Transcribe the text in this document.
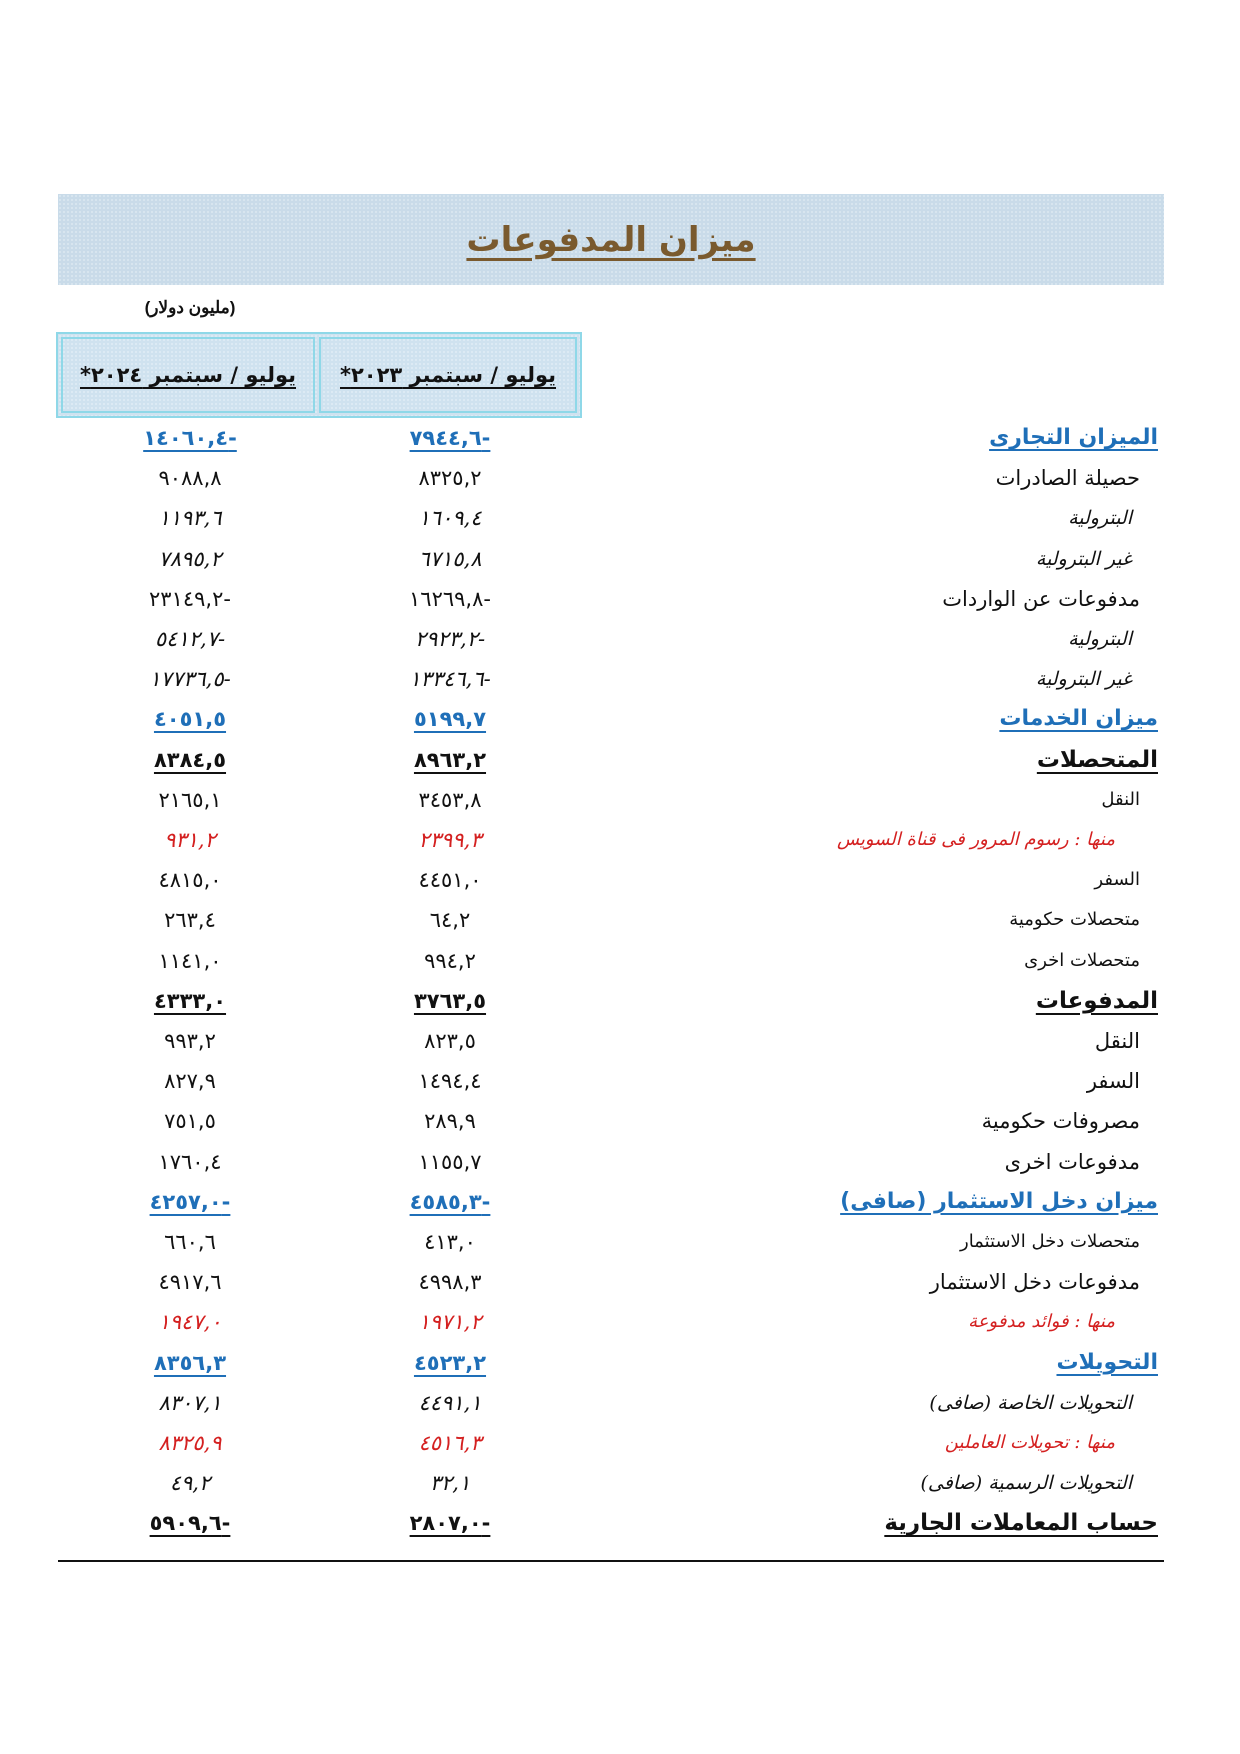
ميزان المدفوعات
(مليون دولار)
يوليو / سبتمبر ٢٠٢٤*	يوليو / سبتمبر ٢٠٢٣*
الميزان التجارى
-٧٩٤٤,٦
-١٤٠٦٠,٤
حصيلة الصادرات
٨٣٢٥,٢
٩٠٨٨,٨
البترولية
١٦٠٩,٤
١١٩٣,٦
غير البترولية
٦٧١٥,٨
٧٨٩٥,٢
مدفوعات عن الواردات
-١٦٢٦٩,٨
-٢٣١٤٩,٢
البترولية
-٢٩٢٣,٢
-٥٤١٢,٧
غير البترولية
-١٣٣٤٦,٦
-١٧٧٣٦,٥
ميزان الخدمات
٥١٩٩,٧
٤٠٥١,٥
المتحصلات
٨٩٦٣,٢
٨٣٨٤,٥
النقل
٣٤٥٣,٨
٢١٦٥,١
منها : رسوم المرور فى قناة السويس
٢٣٩٩,٣
٩٣١,٢
السفر
٤٤٥١,٠
٤٨١٥,٠
متحصلات حكومية
٦٤,٢
٢٦٣,٤
متحصلات اخرى
٩٩٤,٢
١١٤١,٠
المدفوعات
٣٧٦٣,٥
٤٣٣٣,٠
النقل
٨٢٣,٥
٩٩٣,٢
السفر
١٤٩٤,٤
٨٢٧,٩
مصروفات حكومية
٢٨٩,٩
٧٥١,٥
مدفوعات اخرى
١١٥٥,٧
١٧٦٠,٤
ميزان دخل الاستثمار (صافى)
-٤٥٨٥,٣
-٤٢٥٧,٠
متحصلات دخل الاستثمار
٤١٣,٠
٦٦٠,٦
مدفوعات دخل الاستثمار
٤٩٩٨,٣
٤٩١٧,٦
منها : فوائد مدفوعة
١٩٧١,٢
١٩٤٧,٠
التحويلات
٤٥٢٣,٢
٨٣٥٦,٣
التحويلات الخاصة (صافى)
٤٤٩١,١
٨٣٠٧,١
منها : تحويلات العاملين
٤٥١٦,٣
٨٣٢٥,٩
التحويلات الرسمية (صافى)
٣٢,١
٤٩,٢
حساب المعاملات الجارية
-٢٨٠٧,٠
-٥٩٠٩,٦
